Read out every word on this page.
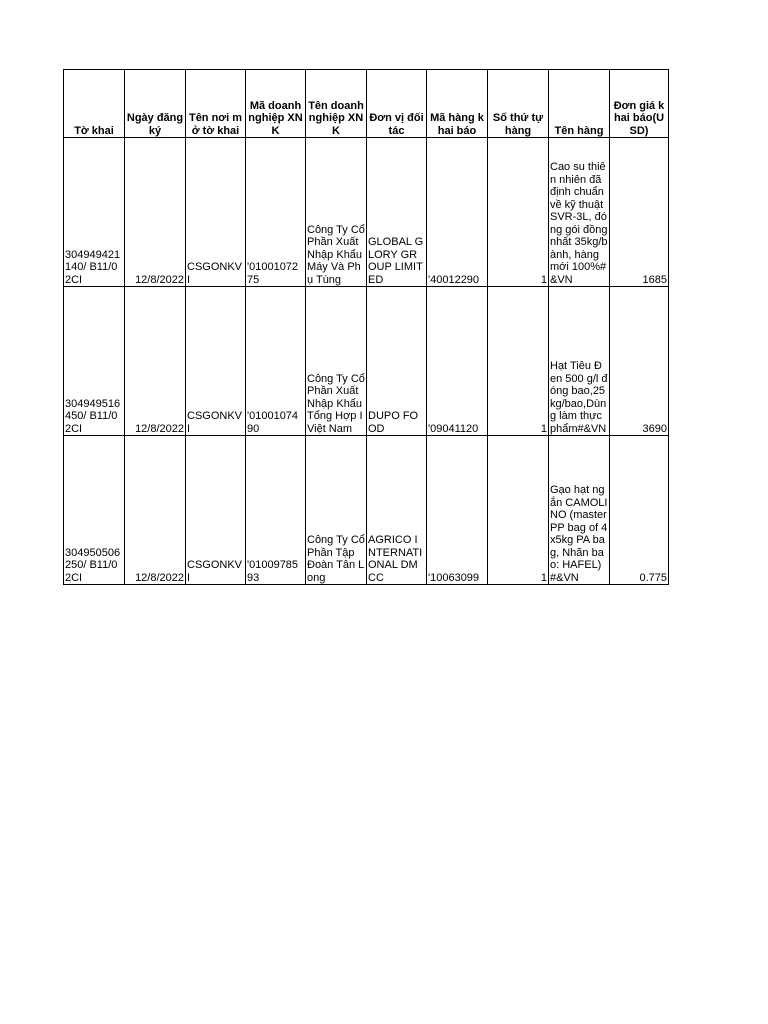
Tờ khai	Ngày đăng ký	Tên nơi mở tờ khai	Mã doanh nghiệp XNK	Tên doanh nghiệp XNK	Đơn vị đối tác	Mã hàng khai báo	Số thứ tự hàng	Tên hàng	Đơn giá khai báo(USD)
304949421140/ B11/02CI	12/8/2022	CSGONKVI	'0100107275	Công Ty Cổ Phần Xuất Nhập Khẩu Máy Và Phụ Tùng	GLOBAL GLORY GROUP LIMITED	'40012290	1	Cao su thiên nhiên đã định chuẩn về kỹ thuật SVR-3L, đóng gói đồng nhất 35kg/bành, hàng mới 100%#&VN	1685
304949516450/ B11/02CI	12/8/2022	CSGONKVI	'0100107490	Công Ty Cổ Phần Xuất Nhập Khẩu Tổng Hợp I Việt Nam	DUPO FOOD	'09041120	1	Hạt Tiêu Đen 500 g/l đóng bao,25 kg/bao,Dùng làm thực phẩm#&VN	3690
304950506250/ B11/02CI	12/8/2022	CSGONKVI	'0100978593	Công Ty Cổ Phần Tập Đoàn Tân Long	AGRICO INTERNATIONAL DMCC	'10063099	1	Gạo hạt ngắn CAMOLINO (master PP bag of 4x5kg PA bag, Nhãn bao: HAFEL) #&VN	0.775
